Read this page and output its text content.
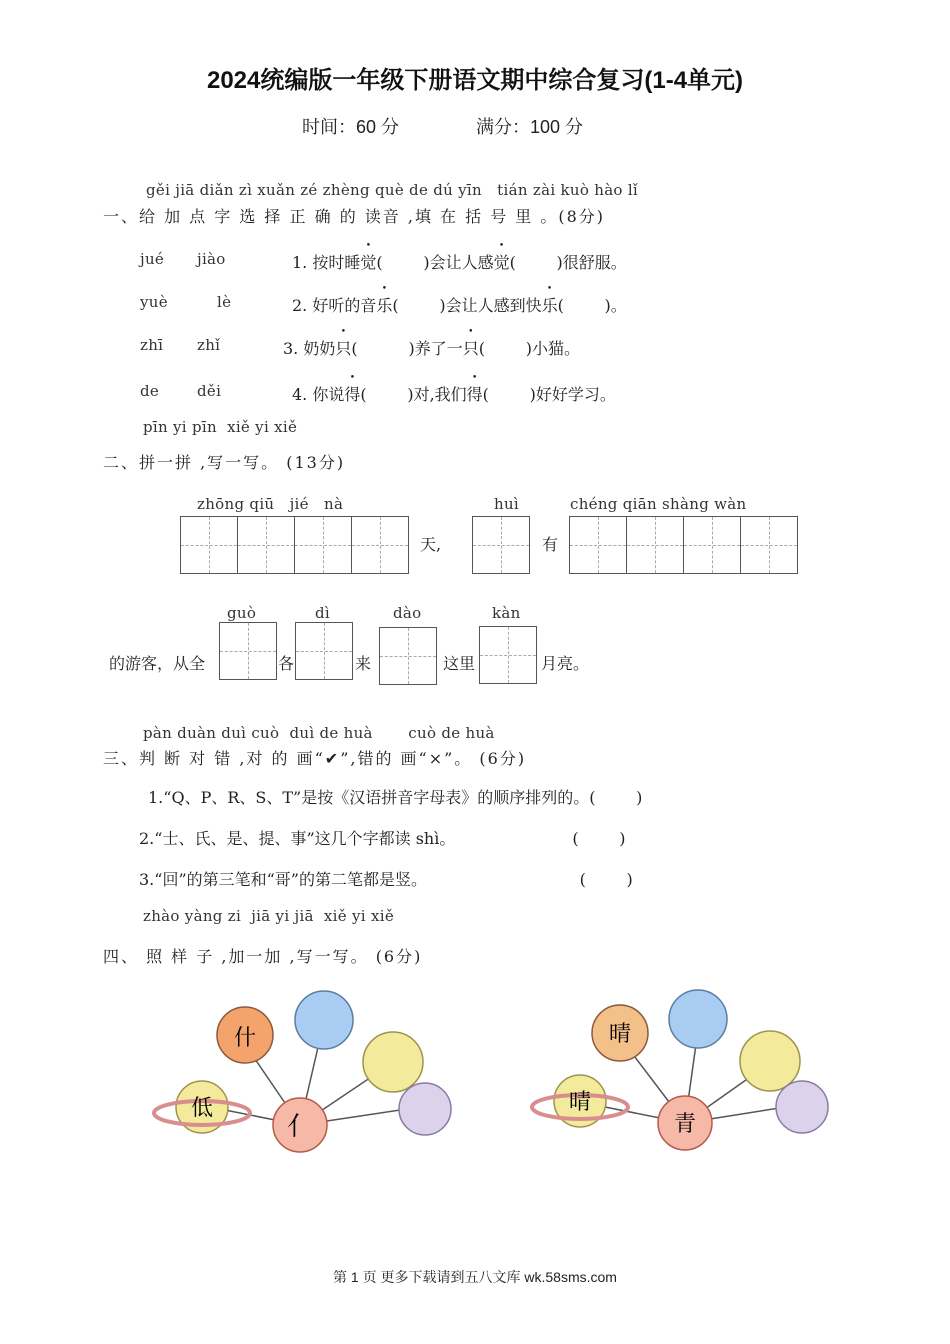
2024统编版一年级下册语文期中综合复习(1-4单元)
时间：60 分	满分：100 分
gěi jiā diǎn zì xuǎn zé zhèng què de dú yīn   tián zài kuò hào lǐ
一、给 加 点 字 选 择 正 确 的 读音 ,填 在 括 号 里 。(8分)
jué jiào	1. 按时睡觉(        )会让人感觉(        )很舒服。
yuè	lè	2. 好听的音乐(        )会让人感到快乐(        )。
zhī zhǐ	3. 奶奶只(          )养了一只(        )小猫。
de	děi	4. 你说得(        )对,我们得(        )好好学习。
pīn yi pīn  xiě yi xiě
二、拼一拼 ,写一写。 (13分)
zhōng qiū   jié   nà
天,
huì
有
chéng qiān shàng wàn
guò	dì	dào	kàn
的游客，从全	各	来	这里	月亮。
pàn duàn duì cuò  duì de huà       cuò de huà
三、判 断 对 错 ,对 的 画“✔”,错的 画“×”。 (6分)
1.“Q、P、R、S、T”是按《汉语拼音字母表》的顺序排列的。(        )
2.“士、氏、是、提、事”这几个字都读 shì。                       (        )
3.“回”的第三笔和“哥”的第二笔都是竖。                              (        )
zhào yàng zi  jiā yi jiā  xiě yi xiě
四、 照 样 子 ,加一加 ,写一写。 (6分)
亻
低
什
青
晴
晴
第 1 页 更多下载请到五八文库 wk.58sms.com
